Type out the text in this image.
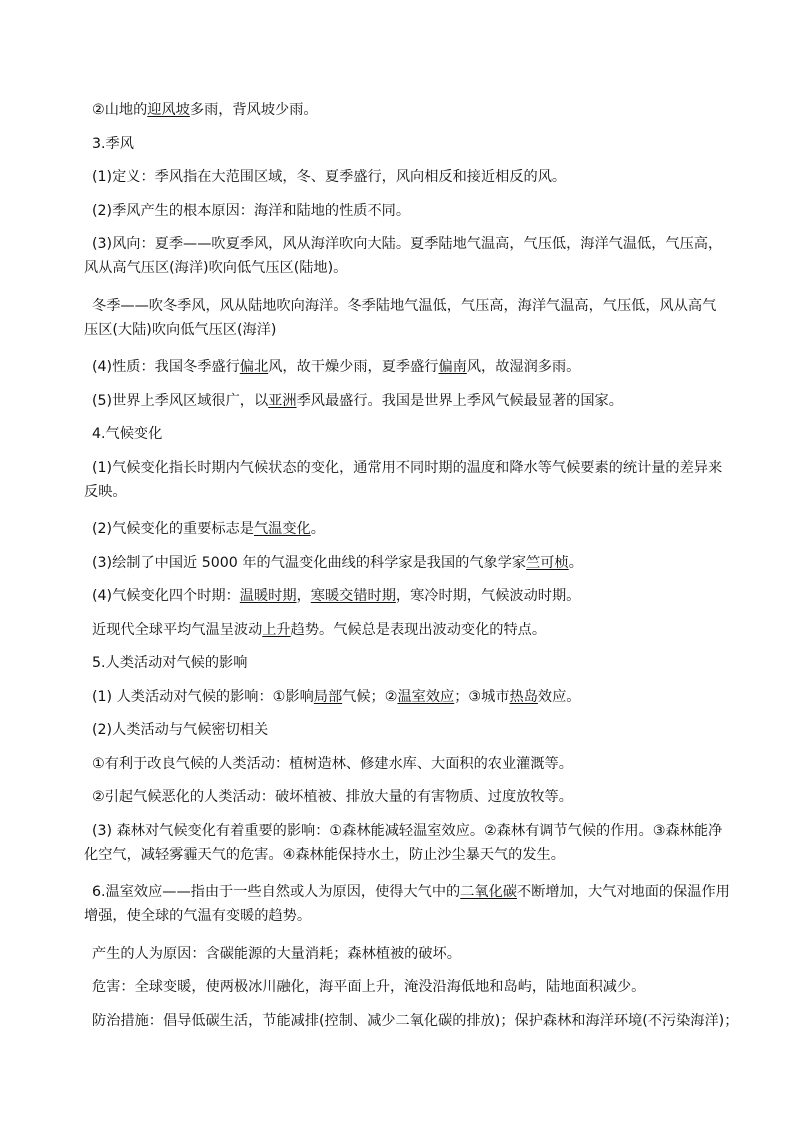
②山地的迎风坡多雨，背风坡少雨。
3.季风
(1)定义：季风指在大范围区域，冬、夏季盛行，风向相反和接近相反的风。
(2)季风产生的根本原因：海洋和陆地的性质不同。
(3)风向：夏季——吹夏季风，风从海洋吹向大陆。夏季陆地气温高，气压低，海洋气温低，气压高，
风从高气压区(海洋)吹向低气压区(陆地)。
冬季——吹冬季风，风从陆地吹向海洋。冬季陆地气温低，气压高，海洋气温高，气压低，风从高气
压区(大陆)吹向低气压区(海洋)
(4)性质：我国冬季盛行偏北风，故干燥少雨，夏季盛行偏南风，故湿润多雨。
(5)世界上季风区域很广，以亚洲季风最盛行。我国是世界上季风气候最显著的国家。
4.气候变化
(1)气候变化指长时期内气候状态的变化，通常用不同时期的温度和降水等气候要素的统计量的差异来
反映。
(2)气候变化的重要标志是气温变化。
(3)绘制了中国近 5000 年的气温变化曲线的科学家是我国的气象学家竺可桢。
(4)气候变化四个时期：温暖时期，寒暖交错时期，寒冷时期，气候波动时期。
近现代全球平均气温呈波动上升趋势。气候总是表现出波动变化的特点。
5.人类活动对气候的影响
(1) 人类活动对气候的影响：①影响局部气候；②温室效应；③城市热岛效应。
(2)人类活动与气候密切相关
①有利于改良气候的人类活动：植树造林、修建水库、大面积的农业灌溉等。
②引起气候恶化的人类活动：破坏植被、排放大量的有害物质、过度放牧等。
(3) 森林对气候变化有着重要的影响：①森林能减轻温室效应。②森林有调节气候的作用。③森林能净
化空气，减轻雾霾天气的危害。④森林能保持水土，防止沙尘暴天气的发生。
6.温室效应——指由于一些自然或人为原因，使得大气中的二氧化碳不断增加，大气对地面的保温作用
增强，使全球的气温有变暖的趋势。
产生的人为原因：含碳能源的大量消耗；森林植被的破坏。
危害：全球变暖，使两极冰川融化，海平面上升，淹没沿海低地和岛屿，陆地面积减少。
防治措施：倡导低碳生活，节能减排(控制、减少二氧化碳的排放)；保护森林和海洋环境(不污染海洋)；
